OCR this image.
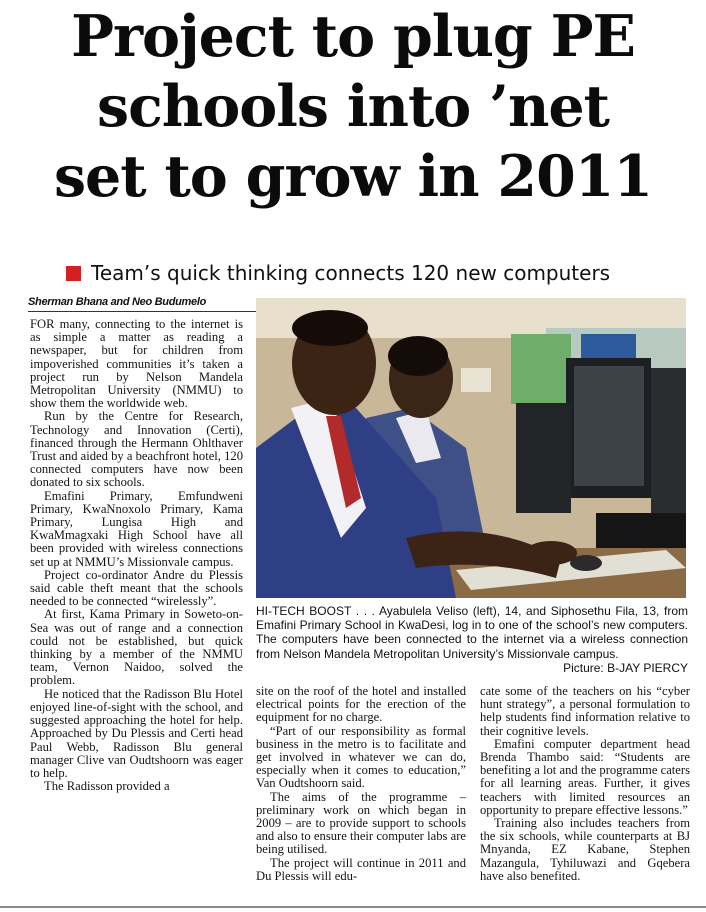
Project to plug PE
schools into ’net
set to grow in 2011
Team’s quick thinking connects 120 new computers
Sherman Bhana and Neo Budumelo

FOR many, connecting to the internet is as simple a matter as reading a newspaper, but for children from impoverished communities it’s taken a project run by Nelson Mandela Metropolitan University (NMMU) to show them the worldwide web.

Run by the Centre for Research, Technology and Innovation (Certi), financed through the Hermann Ohlthaver Trust and aided by a beachfront hotel, 120 connected computers have now been donated to six schools.

Emafini Primary, Emfundweni Primary, KwaNnoxolo Primary, Kama Primary, Lungisa High and KwaMmagxaki High School have all been provided with wireless connections set up at NMMU’s Missionvale campus.

Project co-ordinator Andre du Plessis said cable theft meant that the schools needed to be connected “wirelessly”.

At first, Kama Primary in Soweto-on-Sea was out of range and a connection could not be established, but quick thinking by a member of the NMMU team, Vernon Naidoo, solved the problem.

He noticed that the Radisson Blu Hotel enjoyed line-of-sight with the school, and suggested approaching the hotel for help. Approached by Du Plessis and Certi head Paul Webb, Radisson Blu general manager Clive van Oudtshoorn was eager to help.

The Radisson provided a

HI-TECH BOOST . . . Ayabulela Veliso (left), 14, and Siphosethu Fila, 13, from Emafini Primary School in KwaDesi, log in to one of the school’s new computers. The computers have been connected to the internet via a wireless connection from Nelson Mandela Metropolitan University’s Missionvale campus.
Picture: B-JAY PIERCY

site on the roof of the hotel and installed electrical points for the erection of the equipment for no charge.

“Part of our responsibility as formal business in the metro is to facilitate and get involved in whatever we can do, especially when it comes to education,” Van Oudtshoorn said.

The aims of the programme – preliminary work on which began in 2009 – are to provide support to schools and also to ensure their computer labs are being utilised.

The project will continue in 2011 and Du Plessis will edu-

cate some of the teachers on his “cyber hunt strategy”, a personal formulation to help students find information relative to their cognitive levels.

Emafini computer department head Brenda Thambo said: “Students are benefiting a lot and the programme caters for all learning areas. Further, it gives teachers with limited resources an opportunity to prepare effective lessons.”

Training also includes teachers from the six schools, while counterparts at BJ Mnyanda, EZ Kabane, Stephen Mazangula, Tyhiluwazi and Gqebera have also benefited.
